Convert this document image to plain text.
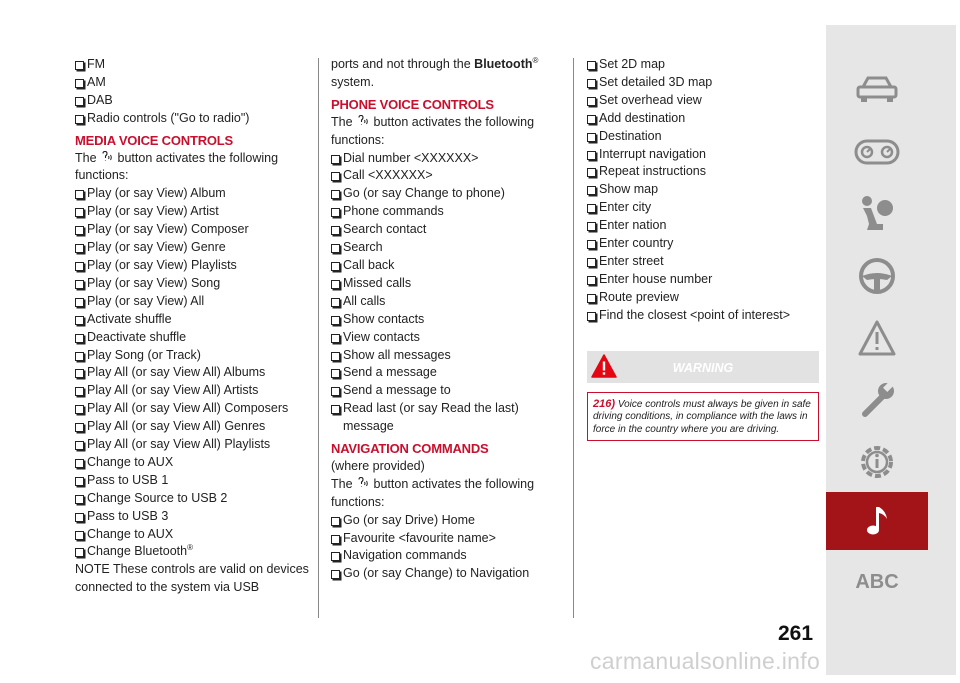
FM
AM
DAB
Radio controls ("Go to radio")
MEDIA VOICE CONTROLS

The button activates the following functions:

Play (or say View) Album
Play (or say View) Artist
Play (or say View) Composer
Play (or say View) Genre
Play (or say View) Playlists
Play (or say View) Song
Play (or say View) All
Activate shuffle
Deactivate shuffle
Play Song (or Track)
Play All (or say View All) Albums
Play All (or say View All) Artists
Play All (or say View All) Composers
Play All (or say View All) Genres
Play All (or say View All) Playlists
Change to AUX
Pass to USB 1
Change Source to USB 2
Pass to USB 3
Change to AUX
Change Bluetooth®

NOTE These controls are valid on devices connected to the system via USB

ports and not through the Bluetooth® system.

PHONE VOICE CONTROLS

The button activates the following functions:

Dial number <XXXXXX>
Call <XXXXXX>
Go (or say Change to phone)
Phone commands
Search contact
Search
Call back
Missed calls
All calls
Show contacts
View contacts
Show all messages
Send a message
Send a message to
Read last (or say Read the last) message
NAVIGATION COMMANDS

(where provided)

The button activates the following functions:

Go (or say Drive) Home
Favourite <favourite name>
Navigation commands
Go (or say Change) to Navigation
Set 2D map
Set detailed 3D map
Set overhead view
Add destination
Destination
Interrupt navigation
Repeat instructions
Show map
Enter city
Enter nation
Enter country
Enter street
Enter house number
Route preview
Find the closest <point of interest>
WARNING
216) Voice controls must always be given in safe driving conditions, in compliance with the laws in force in the country where you are driving.
ABC
261
carmanualsonline.info
